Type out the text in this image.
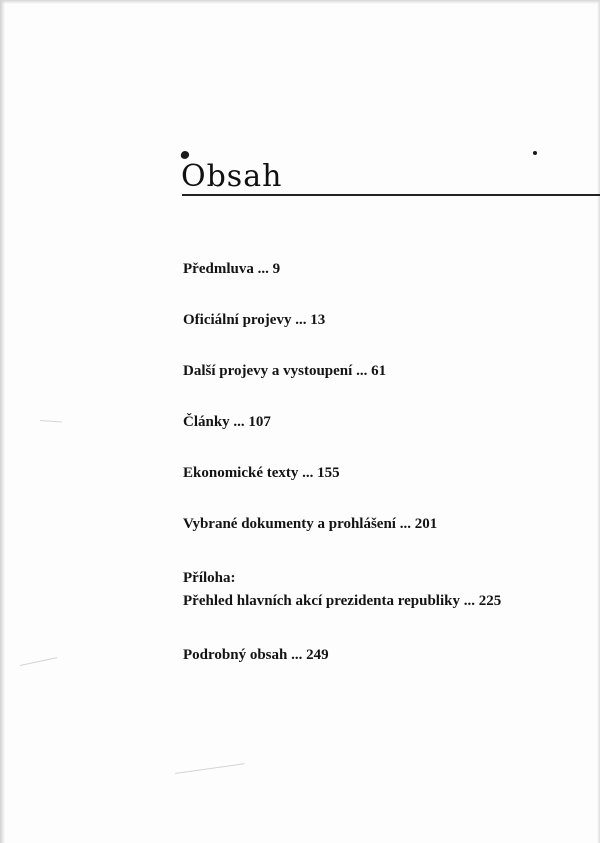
Obsah
Předmluva ... 9
Oficiální projevy ... 13
Další projevy a vystoupení ... 61
Články ... 107
Ekonomické texty ... 155
Vybrané dokumenty a prohlášení ... 201
Příloha:
Přehled hlavních akcí prezidenta republiky ... 225
Podrobný obsah ... 249
